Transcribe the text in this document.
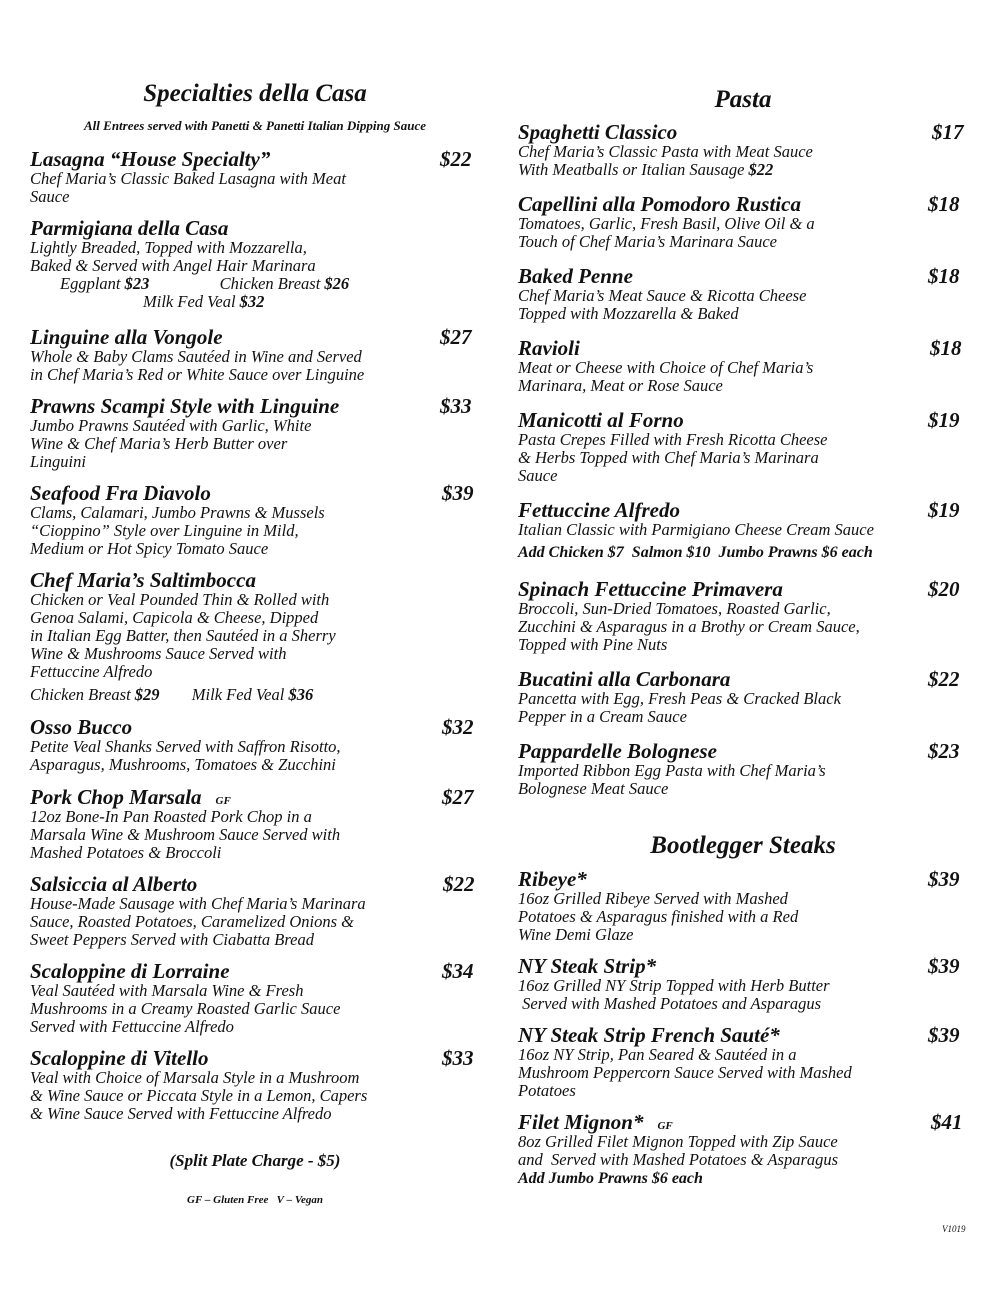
Specialties della Casa
All Entrees served with Panetti & Panetti Italian Dipping Sauce
Lasagna “House Specialty”	$22
Chef Maria’s Classic Baked Lasagna with Meat
Sauce
Parmigiana della Casa
Lightly Breaded, Topped with Mozzarella,
Baked & Served with Angel Hair Marinara
Eggplant $23	Chicken Breast $26
Milk Fed Veal $32
Linguine alla Vongole	$27
Whole & Baby Clams Sautéed in Wine and Served
in Chef Maria’s Red or White Sauce over Linguine
Prawns Scampi Style with Linguine	$33
Jumbo Prawns Sautéed with Garlic, White
Wine & Chef Maria’s Herb Butter over
Linguini
Seafood Fra Diavolo	$39
Clams, Calamari, Jumbo Prawns & Mussels
“Cioppino” Style over Linguine in Mild,
Medium or Hot Spicy Tomato Sauce
Chef Maria’s Saltimbocca
Chicken or Veal Pounded Thin & Rolled with
Genoa Salami, Capicola & Cheese, Dipped
in Italian Egg Batter, then Sautéed in a Sherry
Wine & Mushrooms Sauce Served with
Fettuccine Alfredo
Chicken Breast $29 Milk Fed Veal $36
Osso Bucco	$32
Petite Veal Shanks Served with Saffron Risotto,
Asparagus, Mushrooms, Tomatoes & Zucchini
Pork Chop Marsala GF	$27
12oz Bone-In Pan Roasted Pork Chop in a
Marsala Wine & Mushroom Sauce Served with
Mashed Potatoes & Broccoli
Salsiccia al Alberto	$22
House-Made Sausage with Chef Maria’s Marinara
Sauce, Roasted Potatoes, Caramelized Onions &
Sweet Peppers Served with Ciabatta Bread
Scaloppine di Lorraine	$34
Veal Sautéed with Marsala Wine & Fresh
Mushrooms in a Creamy Roasted Garlic Sauce
Served with Fettuccine Alfredo
Scaloppine di Vitello	$33
Veal with Choice of Marsala Style in a Mushroom
& Wine Sauce or Piccata Style in a Lemon, Capers
& Wine Sauce Served with Fettuccine Alfredo
(Split Plate Charge - $5)
GF – Gluten Free   V – Vegan
Pasta
Spaghetti Classico	$17
Chef Maria’s Classic Pasta with Meat Sauce
With Meatballs or Italian Sausage $22
Capellini alla Pomodoro Rustica	$18
Tomatoes, Garlic, Fresh Basil, Olive Oil & a
Touch of Chef Maria’s Marinara Sauce
Baked Penne	$18
Chef Maria’s Meat Sauce & Ricotta Cheese
Topped with Mozzarella & Baked
Ravioli	$18
Meat or Cheese with Choice of Chef Maria’s
Marinara, Meat or Rose Sauce
Manicotti al Forno	$19
Pasta Crepes Filled with Fresh Ricotta Cheese
& Herbs Topped with Chef Maria’s Marinara
Sauce
Fettuccine Alfredo	$19
Italian Classic with Parmigiano Cheese Cream Sauce
Add Chicken $7  Salmon $10  Jumbo Prawns $6 each
Spinach Fettuccine Primavera	$20
Broccoli, Sun-Dried Tomatoes, Roasted Garlic,
Zucchini & Asparagus in a Brothy or Cream Sauce,
Topped with Pine Nuts
Bucatini alla Carbonara	$22
Pancetta with Egg, Fresh Peas & Cracked Black
Pepper in a Cream Sauce
Pappardelle Bolognese	$23
Imported Ribbon Egg Pasta with Chef Maria’s
Bolognese Meat Sauce
Bootlegger Steaks
Ribeye*	$39
16oz Grilled Ribeye Served with Mashed
Potatoes & Asparagus finished with a Red
Wine Demi Glaze
NY Steak Strip*	$39
16oz Grilled NY Strip Topped with Herb Butter
Served with Mashed Potatoes and Asparagus
NY Steak Strip French Sauté*	$39
16oz NY Strip, Pan Seared & Sautéed in a
Mushroom Peppercorn Sauce Served with Mashed
Potatoes
Filet Mignon* GF	$41
8oz Grilled Filet Mignon Topped with Zip Sauce
and  Served with Mashed Potatoes & Asparagus
Add Jumbo Prawns $6 each
V1019
